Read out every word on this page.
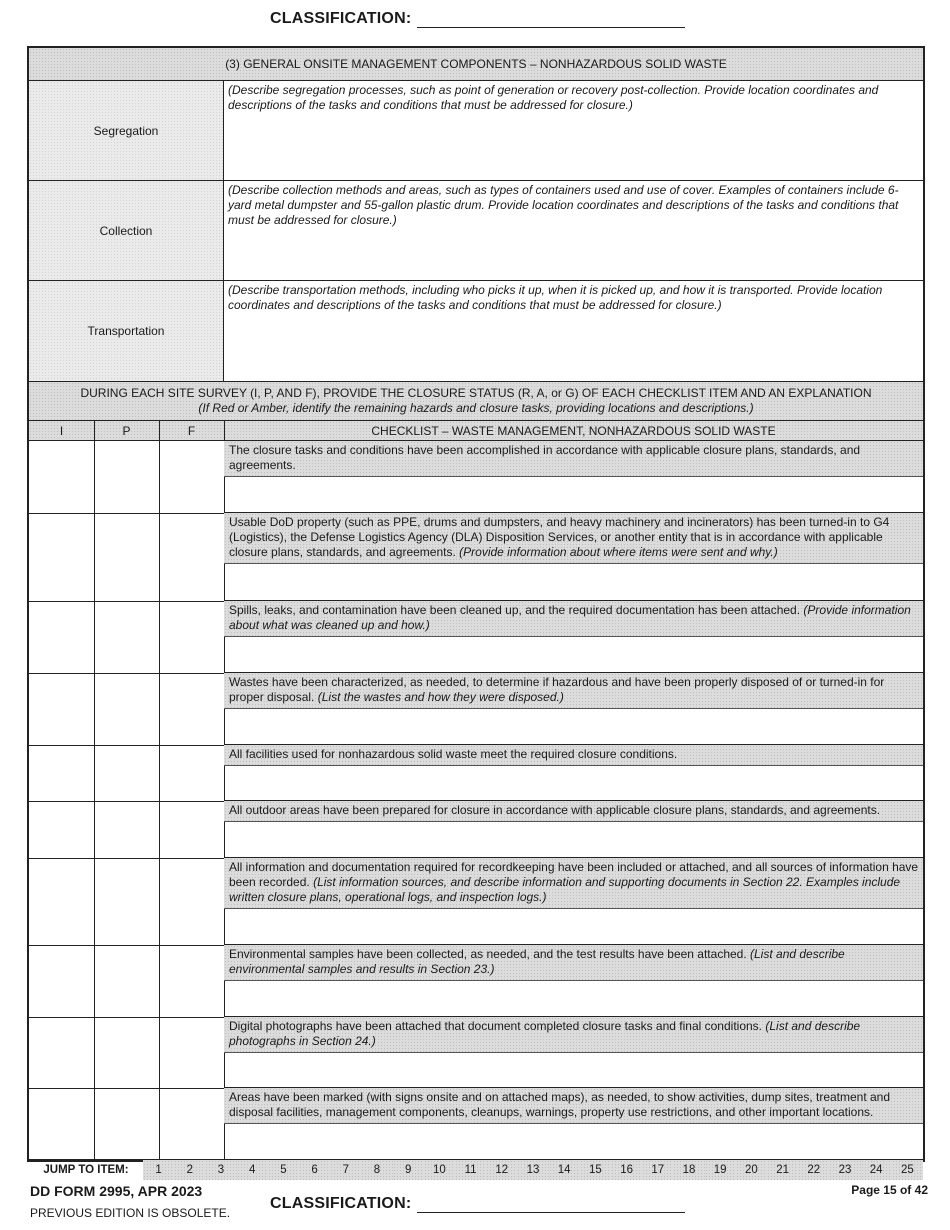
CLASSIFICATION:
(3) GENERAL ONSITE MANAGEMENT COMPONENTS – NONHAZARDOUS SOLID WASTE
Segregation
(Describe segregation processes, such as point of generation or recovery post-collection. Provide location coordinates and descriptions of the tasks and conditions that must be addressed for closure.)
Collection
(Describe collection methods and areas, such as types of containers used and use of cover. Examples of containers include 6-yard metal dumpster and 55-gallon plastic drum. Provide location coordinates and descriptions of the tasks and conditions that must be addressed for closure.)
Transportation
(Describe transportation methods, including who picks it up, when it is picked up, and how it is transported. Provide location coordinates and descriptions of the tasks and conditions that must be addressed for closure.)
DURING EACH SITE SURVEY (I, P, AND F), PROVIDE THE CLOSURE STATUS (R, A, or G) OF EACH CHECKLIST ITEM AND AN EXPLANATION
(If Red or Amber, identify the remaining hazards and closure tasks, providing locations and descriptions.)
I	P	F	CHECKLIST – WASTE MANAGEMENT, NONHAZARDOUS SOLID WASTE
The closure tasks and conditions have been accomplished in accordance with applicable closure plans, standards, and agreements.
Usable DoD property (such as PPE, drums and dumpsters, and heavy machinery and incinerators) has been turned-in to G4 (Logistics), the Defense Logistics Agency (DLA) Disposition Services, or another entity that is in accordance with applicable closure plans, standards, and agreements. (Provide information about where items were sent and why.)
Spills, leaks, and contamination have been cleaned up, and the required documentation has been attached. (Provide information about what was cleaned up and how.)
Wastes have been characterized, as needed, to determine if hazardous and have been properly disposed of or turned-in for proper disposal. (List the wastes and how they were disposed.)
All facilities used for nonhazardous solid waste meet the required closure conditions.
All outdoor areas have been prepared for closure in accordance with applicable closure plans, standards, and agreements.
All information and documentation required for recordkeeping have been included or attached, and all sources of information have been recorded. (List information sources, and describe information and supporting documents in Section 22. Examples include written closure plans, operational logs, and inspection logs.)
Environmental samples have been collected, as needed, and the test results have been attached. (List and describe environmental samples and results in Section 23.)
Digital photographs have been attached that document completed closure tasks and final conditions. (List and describe photographs in Section 24.)
Areas have been marked (with signs onsite and on attached maps), as needed, to show activities, dump sites, treatment and disposal facilities, management components, cleanups, warnings, property use restrictions, and other important locations.
JUMP TO ITEM:	1	2	3	4	5	6	7	8	9	10	11	12	13	14	15	16	17	18	19	20	21	22	23	24	25
DD FORM 2995, APR 2023
PREVIOUS EDITION IS OBSOLETE.
Page 15 of 42
CLASSIFICATION:
